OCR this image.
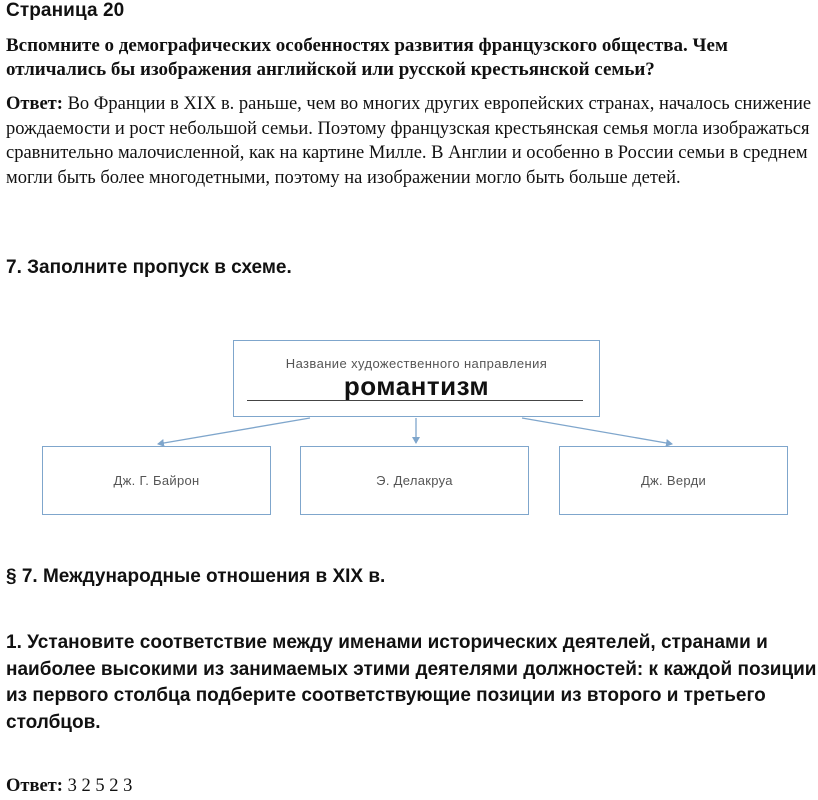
Страница 20
Вспомните о демографических особенностях развития французского общества. Чем отличались бы изображения английской или русской крестьянской семьи?
Ответ: Во Франции в XIX в. раньше, чем во многих других европейских странах, началось снижение рождаемости и рост небольшой семьи. Поэтому французская крестьянская семья могла изображаться сравнительно малочисленной, как на картине Милле. В Англии и особенно в России семьи в среднем могли быть более многодетными, поэтому на изображении могло быть больше детей.
7. Заполните пропуск в схеме.
Название художественного направления
романтизм
Дж. Г. Байрон	Э. Делакруа	Дж. Верди
§ 7. Международные отношения в XIX в.
1. Установите соответствие между именами исторических деятелей, странами и наиболее высокими из занимаемых этими деятелями должностей: к каждой позиции из первого столбца подберите соответствующие позиции из второго и третьего столбцов.
Ответ: 3 2 5 2 3
